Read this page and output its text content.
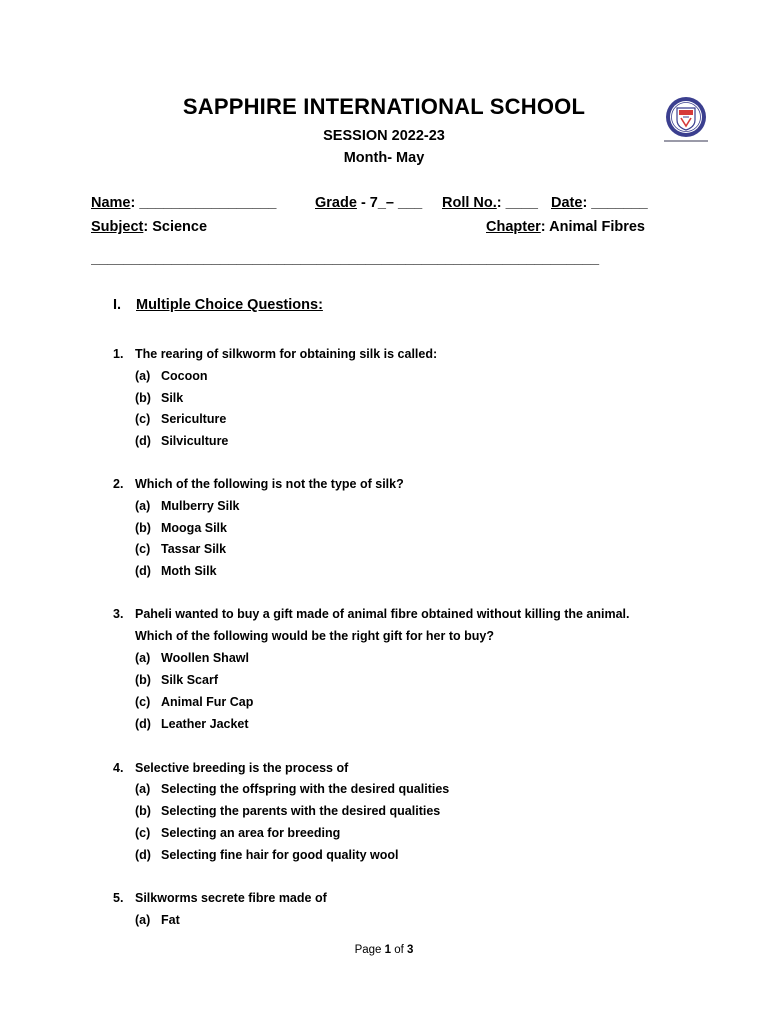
SAPPHIRE INTERNATIONAL SCHOOL
SESSION 2022-23
Month- May
Name: _________________	Grade - 7_– ___ Roll No.: ____ Date: _______
Subject: Science	Chapter: Animal Fibres
_______________________________________________________________
I. Multiple Choice Questions:
1. The rearing of silkworm for obtaining silk is called:
(a) Cocoon
(b) Silk
(c) Sericulture
(d) Silviculture
2. Which of the following is not the type of silk?
(a) Mulberry Silk
(b) Mooga Silk
(c) Tassar Silk
(d) Moth Silk
3. Paheli wanted to buy a gift made of animal fibre obtained without killing the animal.
Which of the following would be the right gift for her to buy?
(a) Woollen Shawl
(b) Silk Scarf
(c) Animal Fur Cap
(d) Leather Jacket
4. Selective breeding is the process of
(a) Selecting the offspring with the desired qualities
(b) Selecting the parents with the desired qualities
(c) Selecting an area for breeding
(d) Selecting fine hair for good quality wool
5. Silkworms secrete fibre made of
(a) Fat
Page 1 of 3
